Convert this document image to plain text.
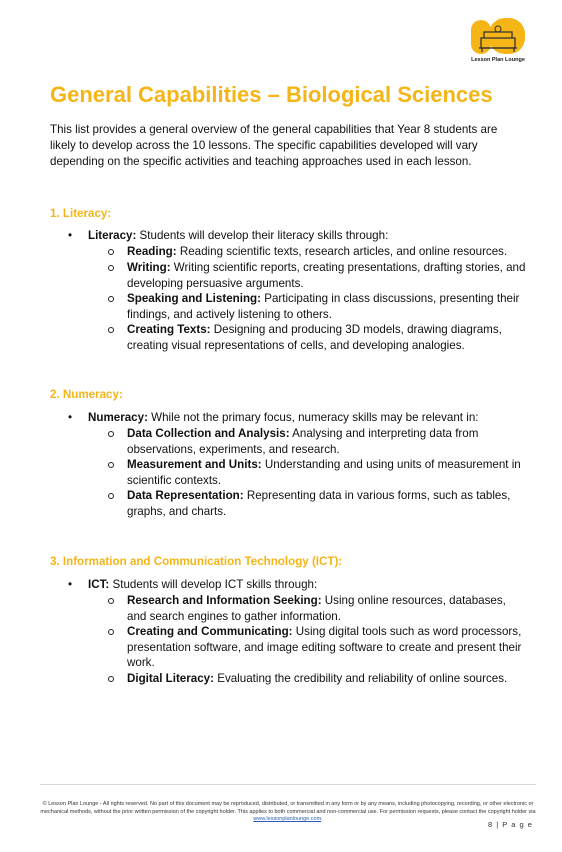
Lesson Plan Lounge
General Capabilities – Biological Sciences

This list provides a general overview of the general capabilities that Year 8 students are likely to develop across the 10 lessons. The specific capabilities developed will vary depending on the specific activities and teaching approaches used in each lesson.

1. Literacy:
• Literacy: Students will develop their literacy skills through:
Reading: Reading scientific texts, research articles, and online resources.
Writing: Writing scientific reports, creating presentations, drafting stories, and developing persuasive arguments.
Speaking and Listening: Participating in class discussions, presenting their findings, and actively listening to others.
Creating Texts: Designing and producing 3D models, drawing diagrams, creating visual representations of cells, and developing analogies.
2. Numeracy:
• Numeracy: While not the primary focus, numeracy skills may be relevant in:
Data Collection and Analysis: Analysing and interpreting data from observations, experiments, and research.
Measurement and Units: Understanding and using units of measurement in scientific contexts.
Data Representation: Representing data in various forms, such as tables, graphs, and charts.
3. Information and Communication Technology (ICT):
• ICT: Students will develop ICT skills through:
Research and Information Seeking: Using online resources, databases, and search engines to gather information.
Creating and Communicating: Using digital tools such as word processors, presentation software, and image editing software to create and present their work.
Digital Literacy: Evaluating the credibility and reliability of online sources.
© Lesson Plan Lounge - All rights reserved. No part of this document may be reproduced, distributed, or transmitted in any form or by any means, including photocopying, recording, or other electronic or mechanical methods, without the prior written permission of the copyright holder. This applies to both commercial and non-commercial use. For permission requests, please contact the copyright holder via www.lessonplanlounge.com.
8 | P a g e
